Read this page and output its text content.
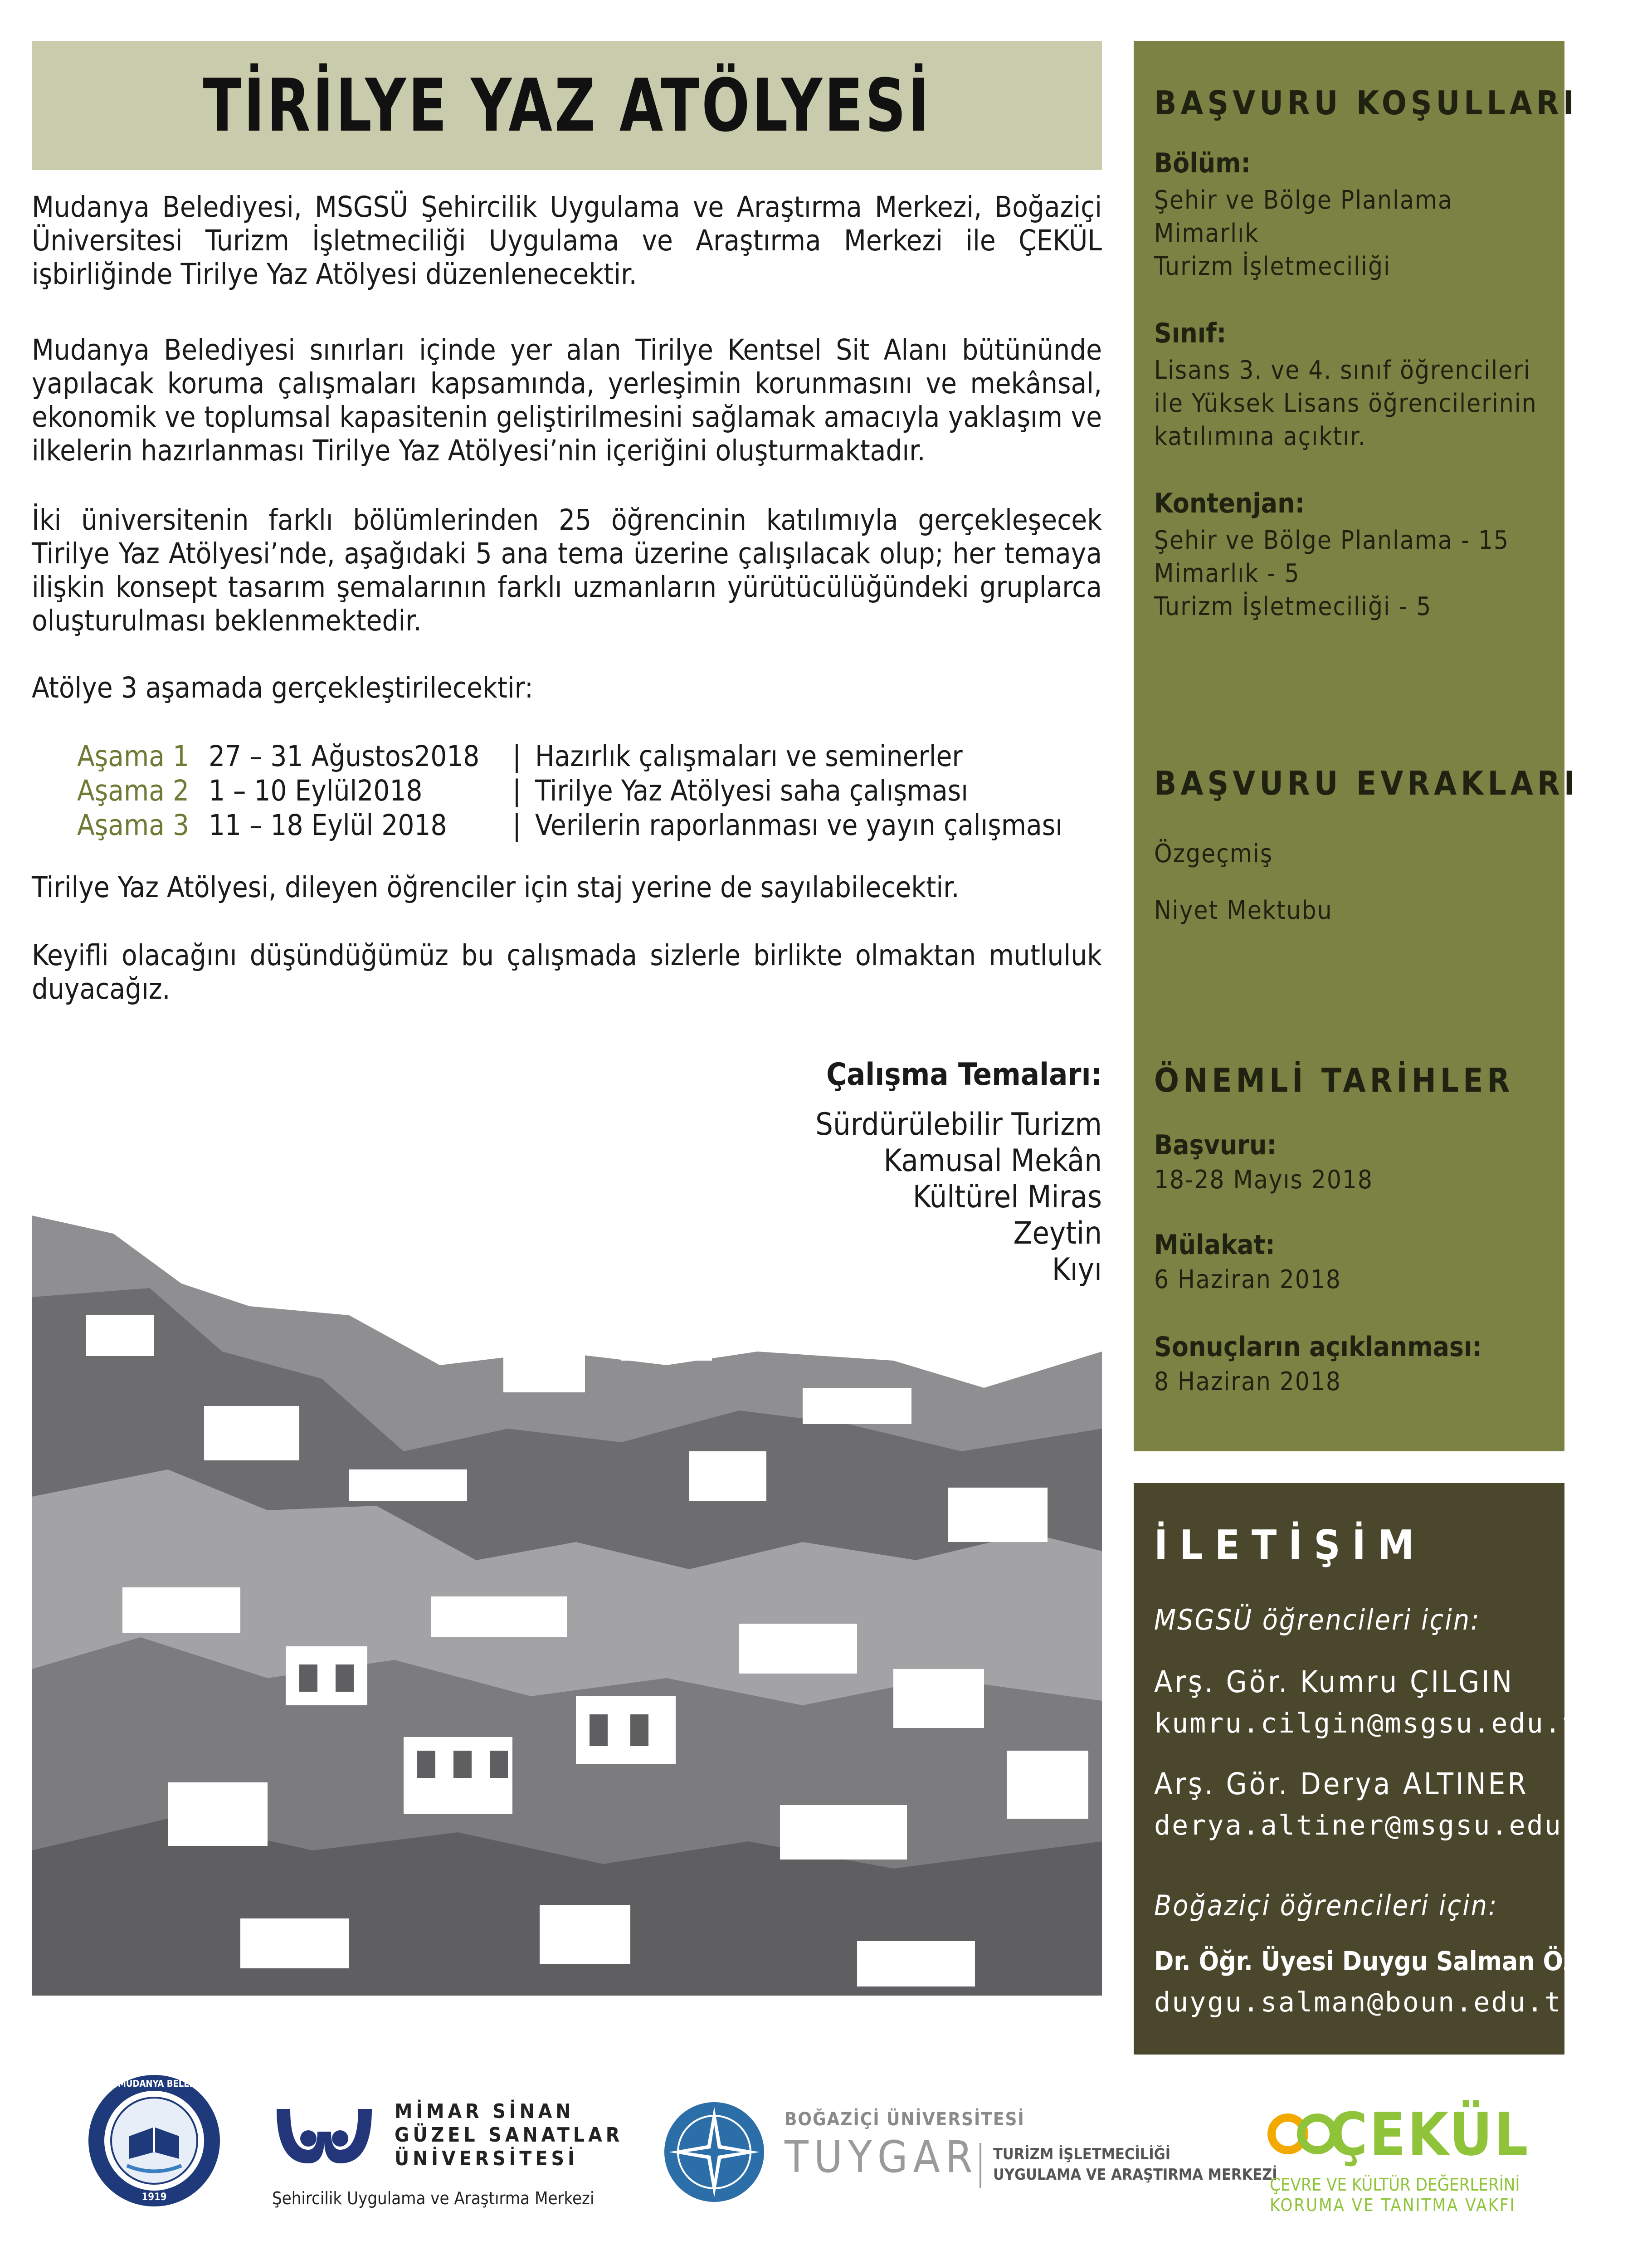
TİRİLYE YAZ ATÖLYESİ

Mudanya Belediyesi, MSGSÜ Şehircilik Uygulama ve Araştırma Merkezi, Boğaziçi Üniversitesi Turizm İşletmeciliği Uygulama ve Araştırma Merkezi ile ÇEKÜL işbirliğinde Tirilye Yaz Atölyesi düzenlenecektir.

Mudanya Belediyesi sınırları içinde yer alan Tirilye Kentsel Sit Alanı bütününde yapılacak koruma çalışmaları kapsamında, yerleşimin korunmasını ve mekânsal, ekonomik ve toplumsal kapasitenin geliştirilmesini sağlamak amacıyla yaklaşım ve ilkelerin hazırlanması Tirilye Yaz Atölyesi’nin içeriğini oluşturmaktadır.

İki üniversitenin farklı bölümlerinden 25 öğrencinin katılımıyla gerçekleşecek Tirilye Yaz Atölyesi’nde, aşağıdaki 5 ana tema üzerine çalışılacak olup; her temaya ilişkin konsept tasarım şemalarının farklı uzmanların yürütücülüğündeki gruplarca oluşturulması beklenmektedir.

Atölye 3 aşamada gerçekleştirilecektir:

Aşama 1 27 – 31 Ağustos2018	| Hazırlık çalışmaları ve seminerler
Aşama 2 1 – 10 Eylül2018	| Tirilye Yaz Atölyesi saha çalışması
Aşama 3 11 – 18 Eylül 2018	| Verilerin raporlanması ve yayın çalışması

Tirilye Yaz Atölyesi, dileyen öğrenciler için staj yerine de sayılabilecektir.

Keyifli olacağını düşündüğümüz bu çalışmada sizlerle birlikte olmaktan mutluluk duyacağız.

Çalışma Temaları:
Sürdürülebilir Turizm
Kamusal Mekân
Kültürel Miras
Zeytin
Kıyı
BAŞVURU KOŞULLARI
Bölüm:
Şehir ve Bölge Planlama
Mimarlık
Turizm İşletmeciliği
Sınıf:
Lisans 3. ve 4. sınıf öğrencileri
ile Yüksek Lisans öğrencilerinin
katılımına açıktır.
Kontenjan:
Şehir ve Bölge Planlama - 15
Mimarlık - 5
Turizm İşletmeciliği - 5
BAŞVURU EVRAKLARI
Özgeçmiş
Niyet Mektubu
ÖNEMLİ TARİHLER
Başvuru:
18-28 Mayıs 2018
Mülakat:
6 Haziran 2018
Sonuçların açıklanması:
8 Haziran 2018
İLETİŞİM
MSGSÜ öğrencileri için:
Arş. Gör. Kumru ÇILGIN
kumru.cilgin@msgsu.edu.tr
Arş. Gör. Derya ALTINER
derya.altiner@msgsu.edu.tr
Boğaziçi öğrencileri için:
Dr. Öğr. Üyesi Duygu Salman ÖZTÜRK
duygu.salman@boun.edu.tr
MUDANYA BELEDİYESİ
1919
MİMAR SİNAN
GÜZEL SANATLAR
ÜNİVERSİTESİ
Şehircilik Uygulama ve Araştırma Merkezi
BOĞAZİÇİ ÜNİVERSİTESİ
TUYGAR TURİZM İŞLETMECİLİĞİ
UYGULAMA VE ARAŞTIRMA MERKEZİ
ÇEKÜL
ÇEVRE VE KÜLTÜR DEĞERLERİNİ
KORUMA VE TANITMA VAKFI
